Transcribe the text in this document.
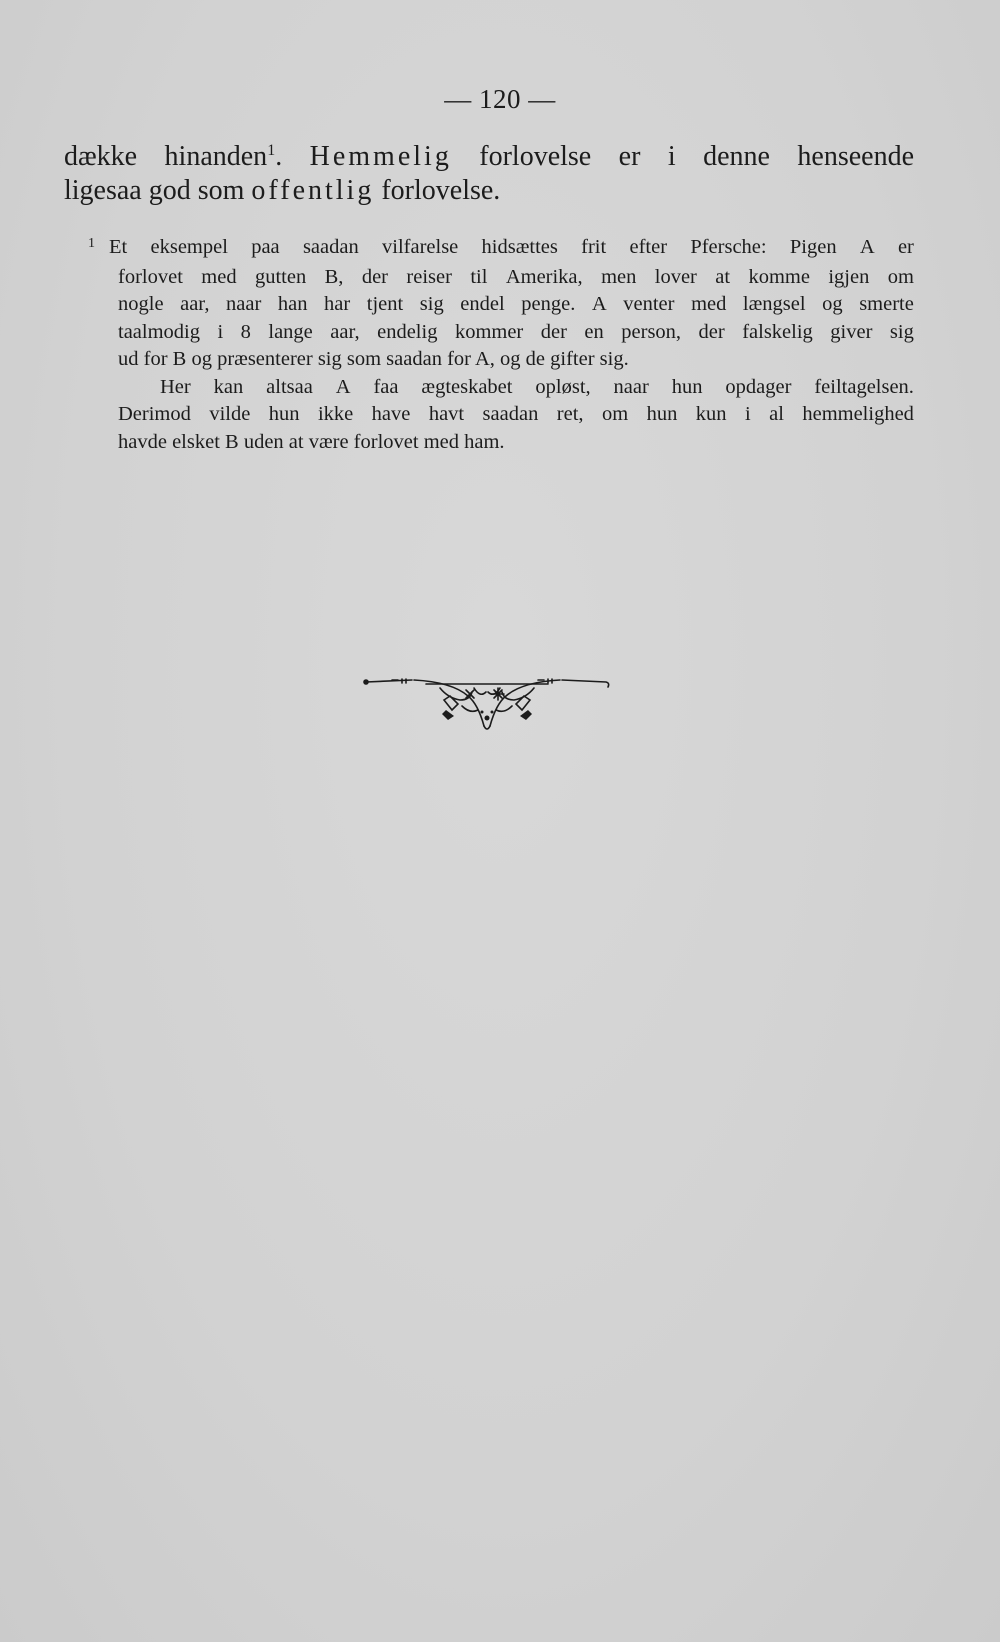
— 120 —
dække hinanden$^1$. Hemmelig forlovelse er i denne henseende
ligesaa god som offentlig forlovelse.
$^1$ Et eksempel paa saadan vilfarelse hidsættes frit efter Pfersche: Pigen A er
forlovet med gutten B, der reiser til Amerika, men lover at komme igjen om
nogle aar, naar han har tjent sig endel penge. A venter med længsel og smerte
taalmodig i 8 lange aar, endelig kommer der en person, der falskelig giver sig
ud for B og præsenterer sig som saadan for A, og de gifter sig.
Her kan altsaa A faa ægteskabet opløst, naar hun opdager feiltagelsen.
Derimod vilde hun ikke have havt saadan ret, om hun kun i al hemmelighed
havde elsket B uden at være forlovet med ham.
